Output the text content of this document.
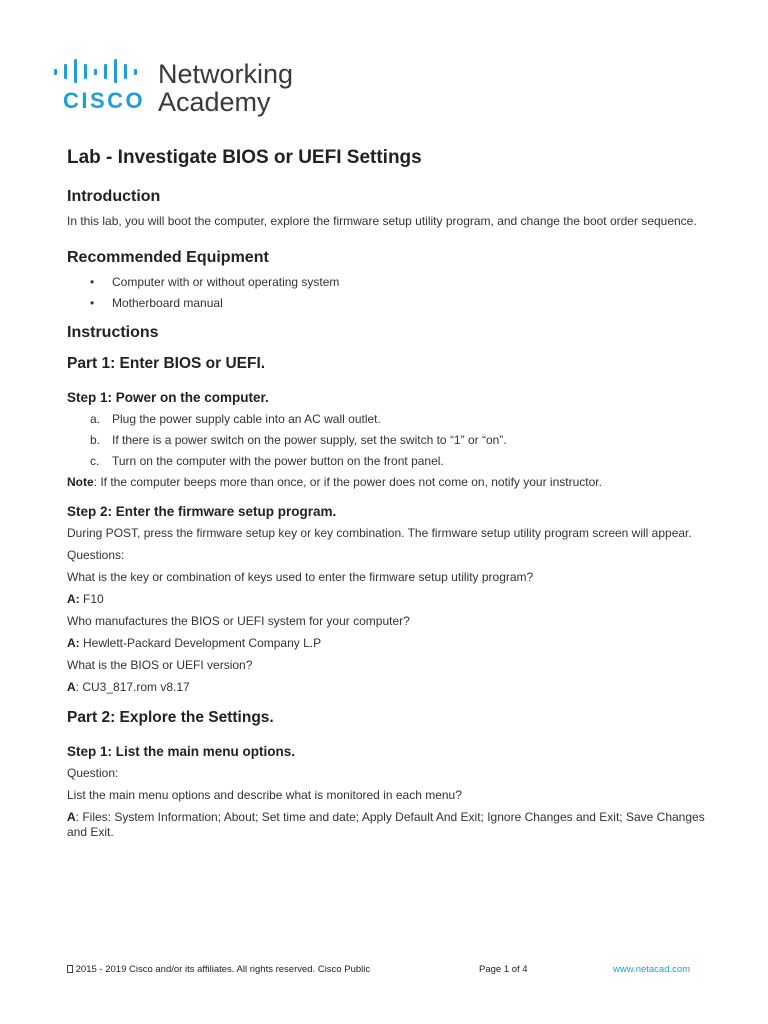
CISCO
Networking
Academy
Lab - Investigate BIOS or UEFI Settings
Introduction
In this lab, you will boot the computer, explore the firmware setup utility program, and change the boot order sequence.
Recommended Equipment
• Computer with or without operating system
• Motherboard manual
Instructions
Part 1: Enter BIOS or UEFI.
Step 1: Power on the computer.
a. Plug the power supply cable into an AC wall outlet.
b. If there is a power switch on the power supply, set the switch to “1” or “on”.
c. Turn on the computer with the power button on the front panel.
Note: If the computer beeps more than once, or if the power does not come on, notify your instructor.
Step 2: Enter the firmware setup program.
During POST, press the firmware setup key or key combination. The firmware setup utility program screen will appear.
Questions:
What is the key or combination of keys used to enter the firmware setup utility program?
A: F10
Who manufactures the BIOS or UEFI system for your computer?
A: Hewlett-Packard Development Company L.P
What is the BIOS or UEFI version?
A: CU3_817.rom v8.17
Part 2: Explore the Settings.
Step 1: List the main menu options.
Question:
List the main menu options and describe what is monitored in each menu?
A: Files: System Information; About; Set time and date; Apply Default And Exit; Ignore Changes and Exit; Save Changes and Exit.
2015 - 2019 Cisco and/or its affiliates. All rights reserved. Cisco Public	Page 1 of 4	www.netacad.com
